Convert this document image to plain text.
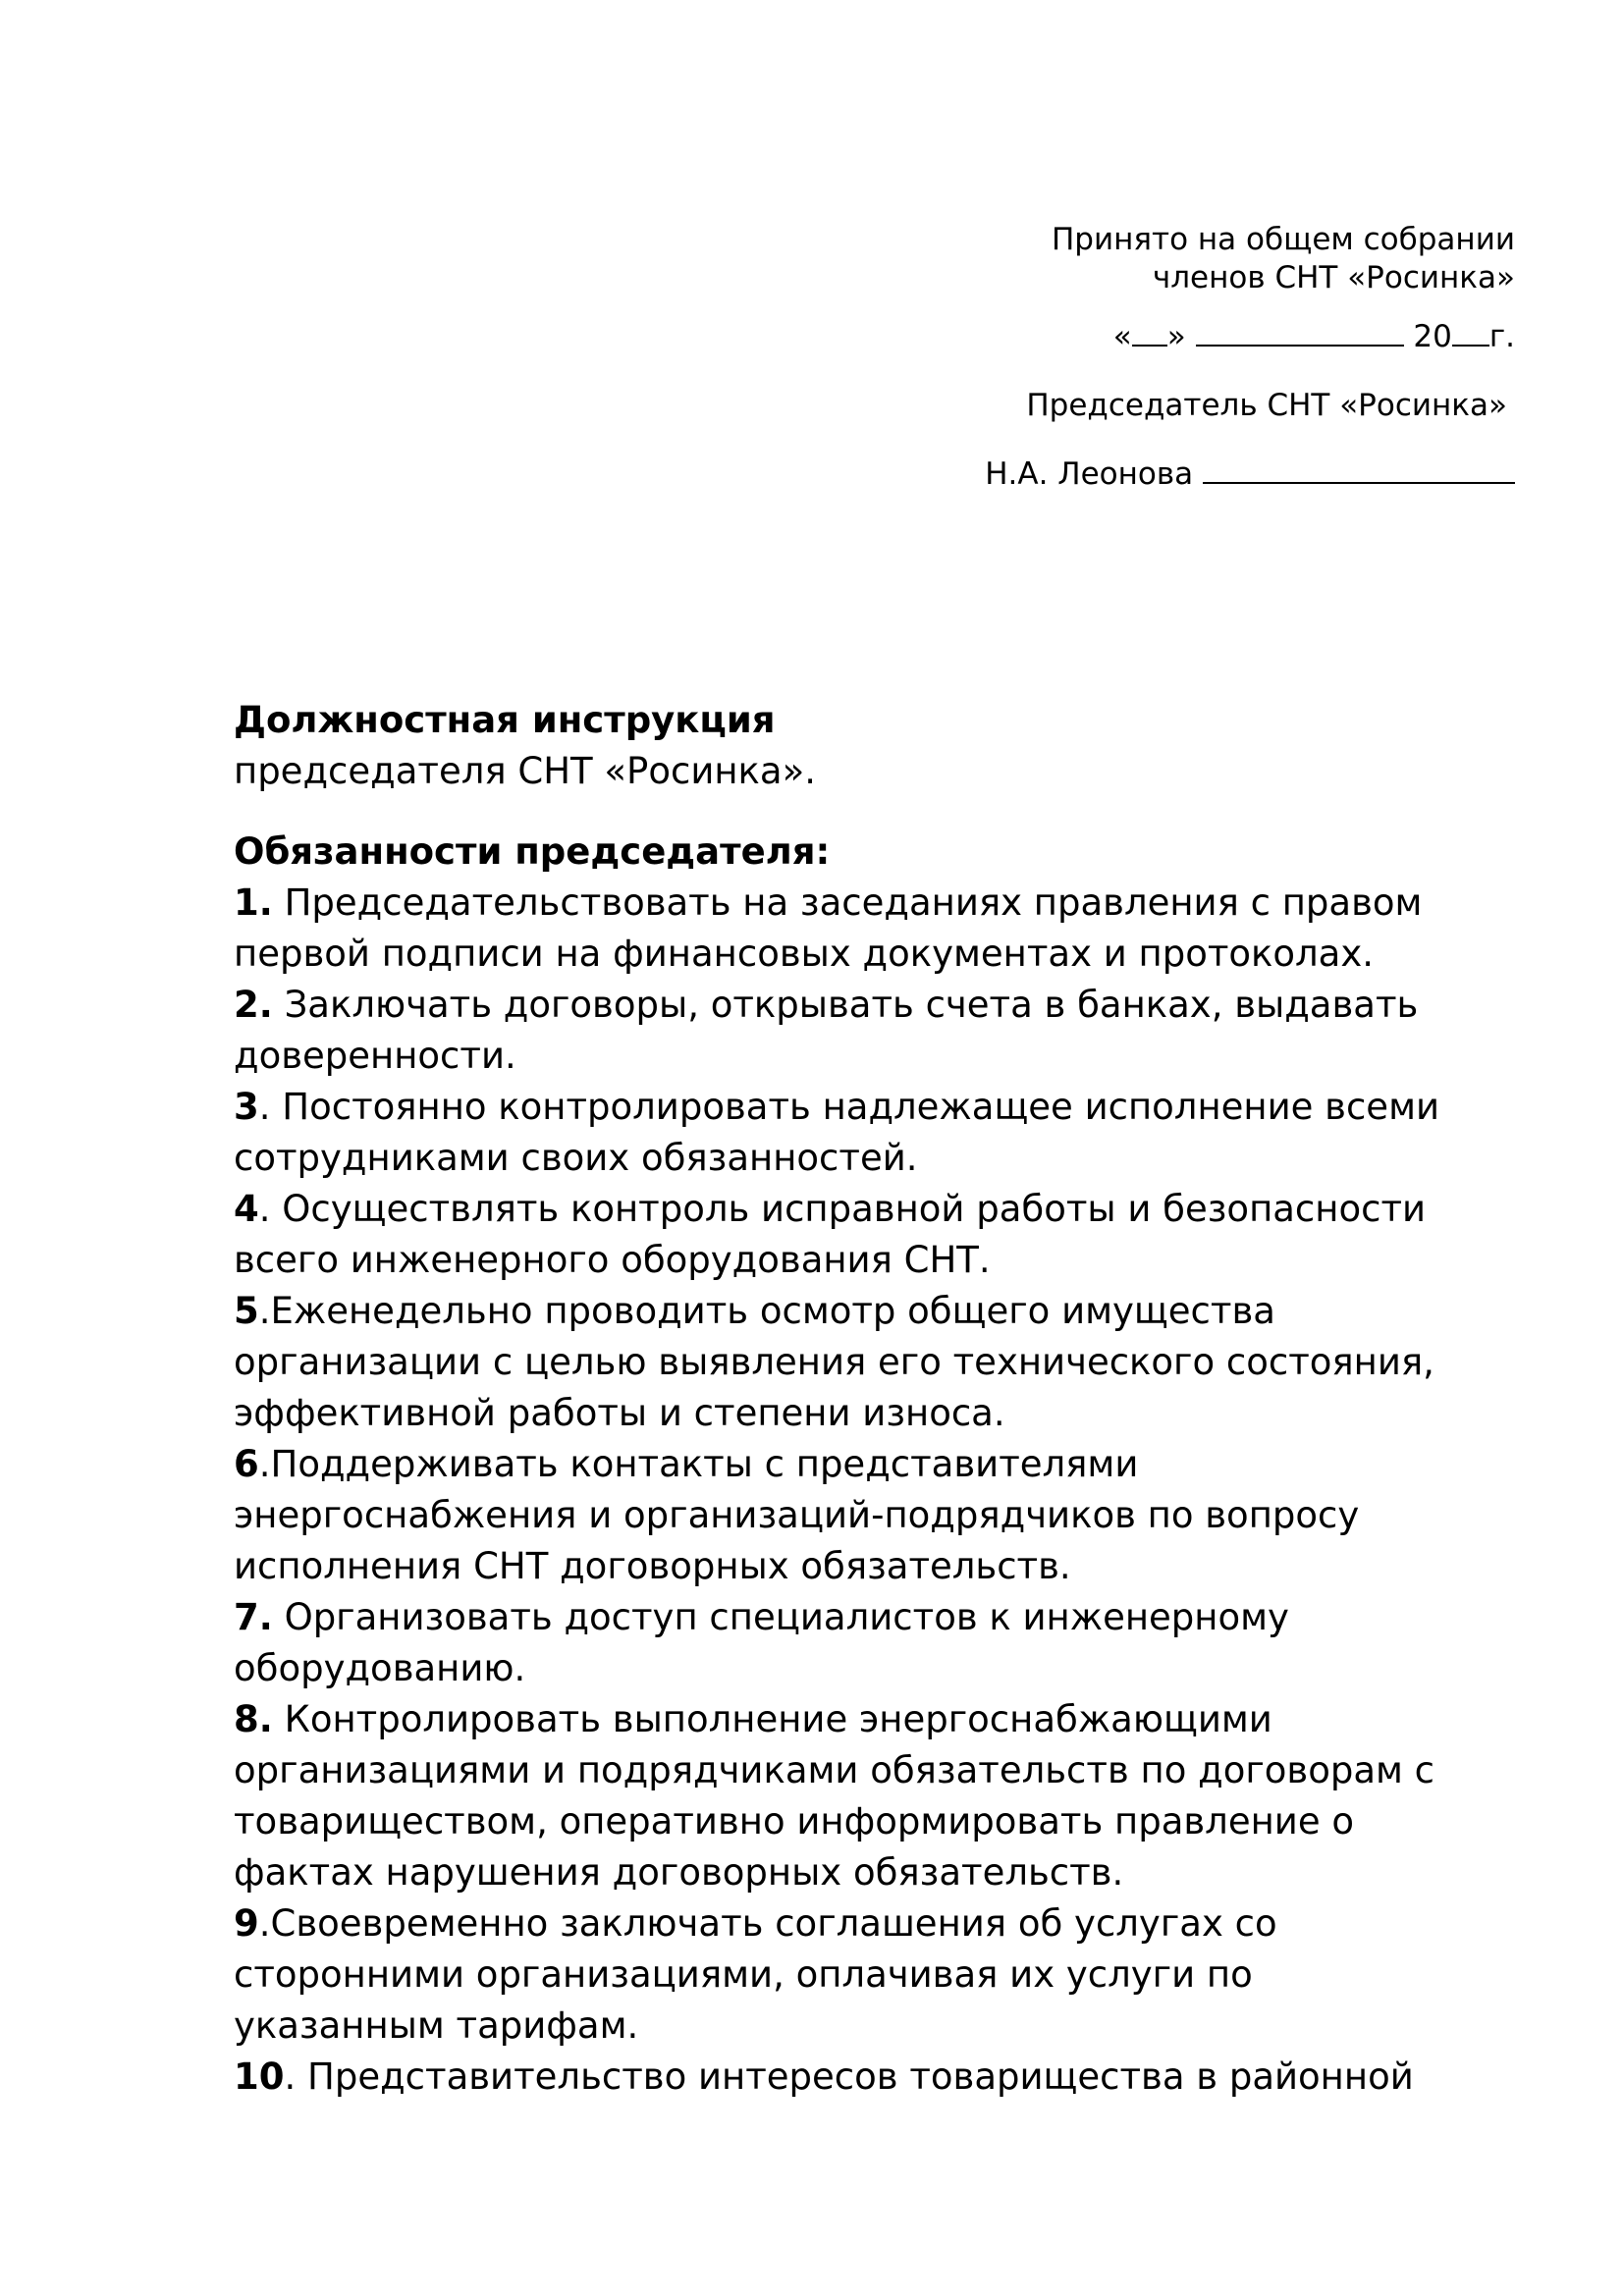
Принято на общем собрании
членов СНТ «Росинка»
« »	20 г.
Председатель СНТ «Росинка»
Н.А. Леонова
Должностная инструкция
председателя СНТ «Росинка».
Обязанности председателя:
1. Председательствовать на заседаниях правления с правом
первой подписи на финансовых документах и протоколах.
2. Заключать договоры, открывать счета в банках, выдавать
доверенности.
3. Постоянно контролировать надлежащее исполнение всеми
сотрудниками своих обязанностей.
4. Осуществлять контроль исправной работы и безопасности
всего инженерного оборудования СНТ.
5.Еженедельно проводить осмотр общего имущества
организации с целью выявления его технического состояния,
эффективной работы и степени износа.
6.Поддерживать контакты с представителями
энергоснабжения и организаций-подрядчиков по вопросу
исполнения СНТ договорных обязательств.
7. Организовать доступ специалистов к инженерному
оборудованию.
8. Контролировать выполнение энергоснабжающими
организациями и подрядчиками обязательств по договорам с
товариществом, оперативно информировать правление о
фактах нарушения договорных обязательств.
9.Своевременно заключать соглашения об услугах со
сторонними организациями, оплачивая их услуги по
указанным тарифам.
10. Представительство интересов товарищества в районной
